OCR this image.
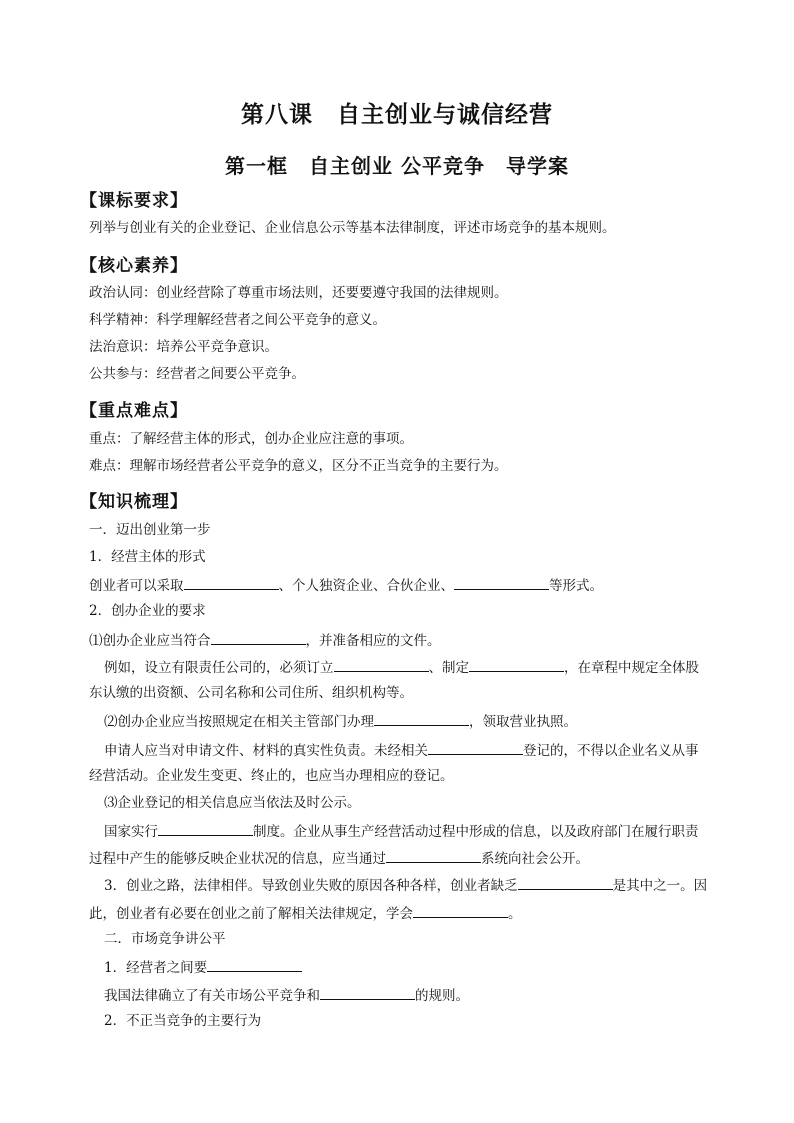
第八课　自主创业与诚信经营
第一框　自主创业 公平竞争　导学案
【课标要求】
列举与创业有关的企业登记、企业信息公示等基本法律制度，评述市场竞争的基本规则。
【核心素养】
政治认同：创业经营除了尊重市场法则，还要要遵守我国的法律规则。
科学精神：科学理解经营者之间公平竞争的意义。
法治意识：培养公平竞争意识。
公共参与：经营者之间要公平竞争。
【重点难点】
重点：了解经营主体的形式，创办企业应注意的事项。
难点：理解市场经营者公平竞争的意义，区分不正当竞争的主要行为。
【知识梳理】
一．迈出创业第一步
1．经营主体的形式
创业者可以采取	、个人独资企业、合伙企业、	等形式。
2．创办企业的要求
⑴创办企业应当符合	，并准备相应的文件。
例如，设立有限责任公司的，必须订立	、制定	，在章程中规定全体股
东认缴的出资额、公司名称和公司住所、组织机构等。
⑵创办企业应当按照规定在相关主管部门办理	，领取营业执照。
申请人应当对申请文件、材料的真实性负责。未经相关	登记的，不得以企业名义从事
经营活动。企业发生变更、终止的，也应当办理相应的登记。
⑶企业登记的相关信息应当依法及时公示。
国家实行	制度。企业从事生产经营活动过程中形成的信息，以及政府部门在履行职责
过程中产生的能够反映企业状况的信息，应当通过	系统向社会公开。
3．创业之路，法律相伴。导致创业失败的原因各种各样，创业者缺乏	是其中之一。因
此，创业者有必要在创业之前了解相关法律规定，学会	。
二．市场竞争讲公平
1．经营者之间要
我国法律确立了有关市场公平竞争和	的规则。
2．不正当竞争的主要行为
